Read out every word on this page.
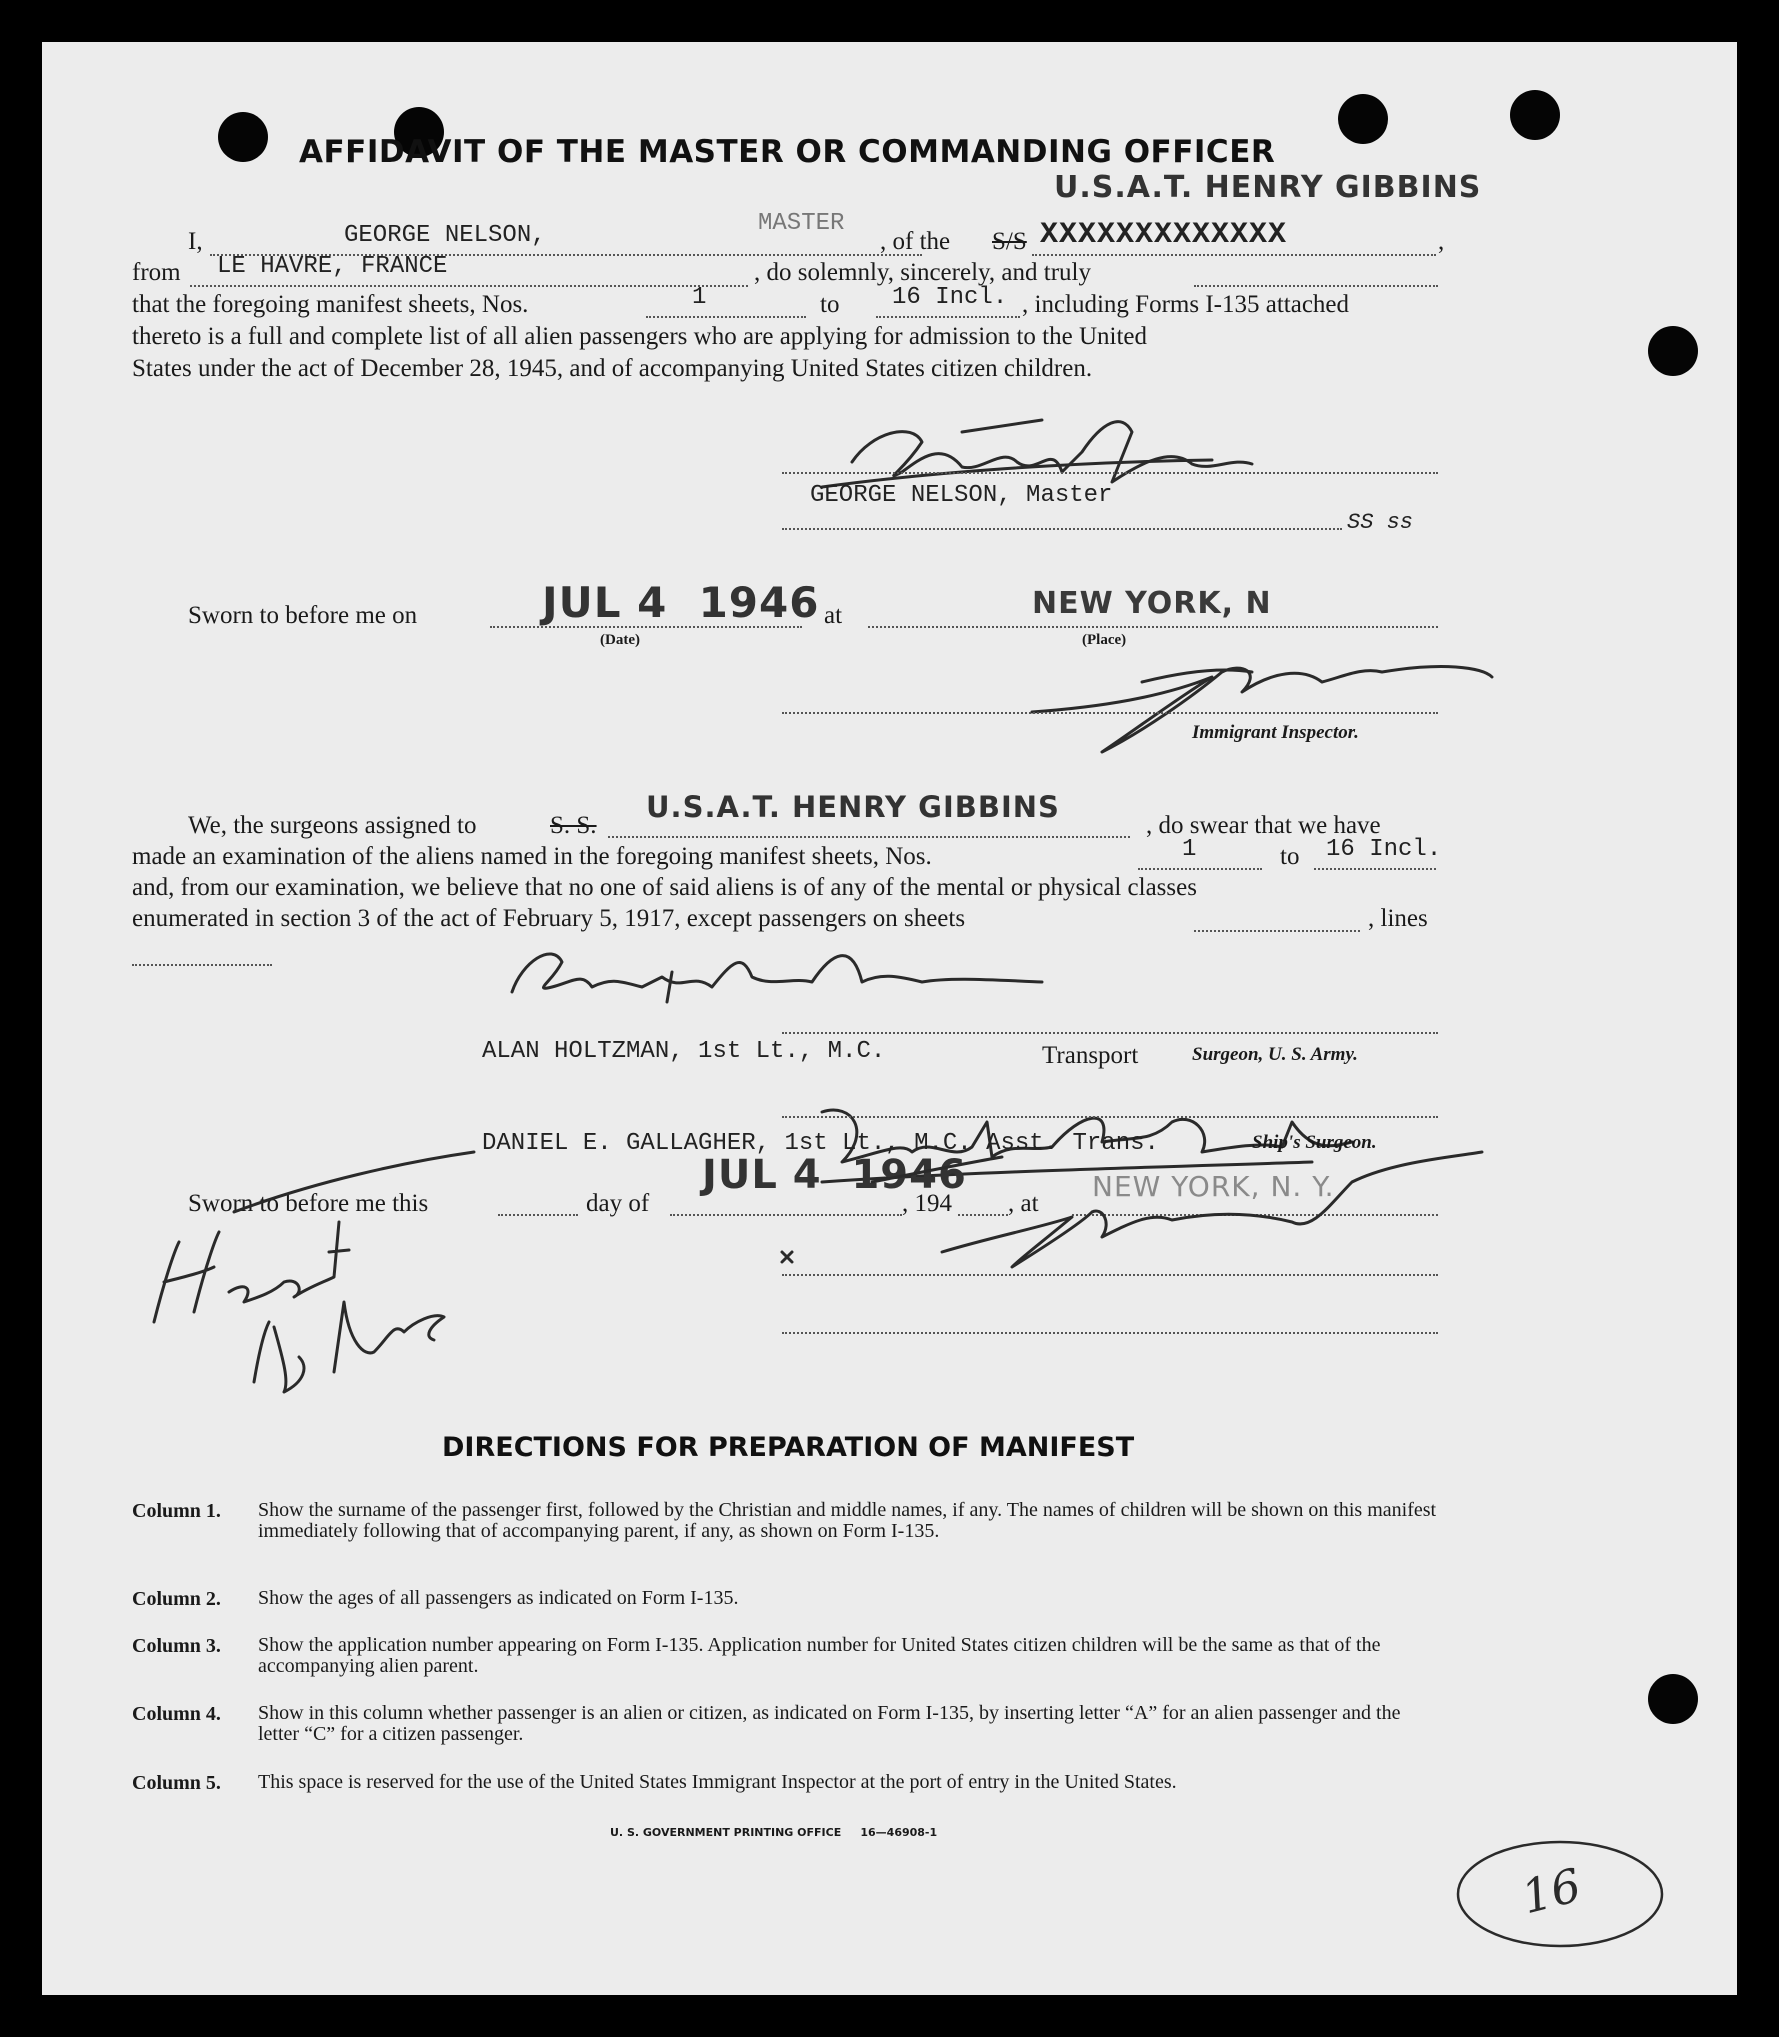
AFFIDAVIT OF THE MASTER OR COMMANDING OFFICER
U.S.A.T. HENRY GIBBINS
I,	GEORGE NELSON,	MASTER
, of the S/S XXXXXXXXXXXXX	,
from LE HAVRE, FRANCE	, do solemnly, sincerely, and truly
that the foregoing manifest sheets, Nos.	1	to 16 Incl. , including Forms I-135 attached
thereto is a full and complete list of all alien passengers who are applying for admission to the United
States under the act of December 28, 1945, and of accompanying United States citizen children.
GEORGE NELSON, Master
SS ss
Sworn to before me on	JUL 4  1946
(Date)
at	NEW YORK, N
(Place)
Immigrant Inspector.
We, the surgeons assigned to	S. S.
U.S.A.T. HENRY GIBBINS
, do swear that we have
made an examination of the aliens named in the foregoing manifest sheets, Nos.	1	to 16 Incl.
and, from our examination, we believe that no one of said aliens is of any of the mental or physical classes
enumerated in section 3 of the act of February 5, 1917, except passengers on sheets	, lines
ALAN HOLTZMAN, 1st Lt., M.C.	Transport	Surgeon, U. S. Army.
DANIEL E. GALLAGHER, 1st Lt., M.C. Asst. Trans.	Ship's Surgeon.
Sworn to before me this	day of
JUL 4  1946
, 194 , at
NEW YORK, N. Y.
DIRECTIONS FOR PREPARATION OF MANIFEST
Column 1. Show the surname of the passenger first, followed by the Christian and middle names, if any. The names of children will be shown on this manifest immediately following that of accompanying parent, if any, as shown on Form I-135.
Column 2. Show the ages of all passengers as indicated on Form I-135.
Column 3. Show the application number appearing on Form I-135. Application number for United States citizen children will be the same as that of the accompanying alien parent.
Column 4. Show in this column whether passenger is an alien or citizen, as indicated on Form I-135, by inserting letter “A” for an alien passenger and the letter “C” for a citizen passenger.
Column 5. This space is reserved for the use of the United States Immigrant Inspector at the port of entry in the United States.
U. S. GOVERNMENT PRINTING OFFICE     16—46908-1
16
